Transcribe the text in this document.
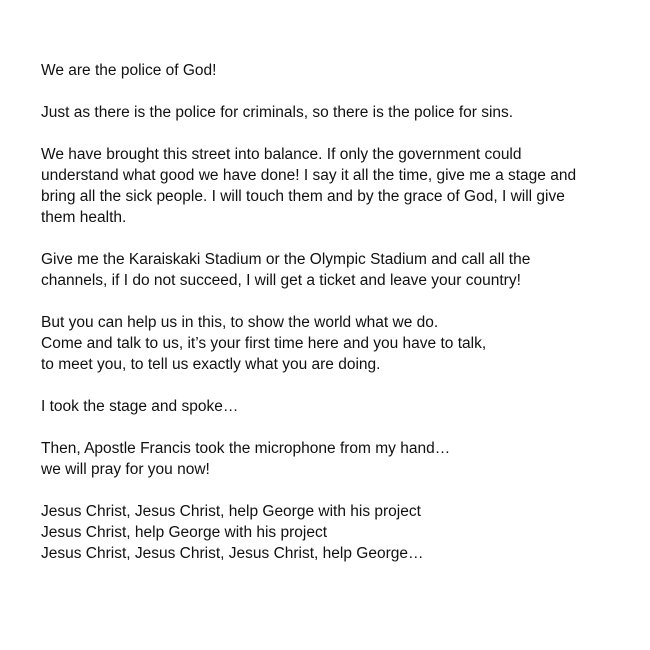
We are the police of God!

Just as there is the police for criminals, so there is the police for sins.

We have brought this street into balance. If only the government could
understand what good we have done! I say it all the time, give me a stage and
bring all the sick people. I will touch them and by the grace of God, I will give
them health.

Give me the Karaiskaki Stadium or the Olympic Stadium and call all the
channels, if I do not succeed, I will get a ticket and leave your country!

But you can help us in this, to show the world what we do.
Come and talk to us, it’s your first time here and you have to talk,
to meet you, to tell us exactly what you are doing.

I took the stage and spoke…

Then, Apostle Francis took the microphone from my hand…
we will pray for you now!

Jesus Christ, Jesus Christ, help George with his project
Jesus Christ, help George with his project
Jesus Christ, Jesus Christ, Jesus Christ, help George…
